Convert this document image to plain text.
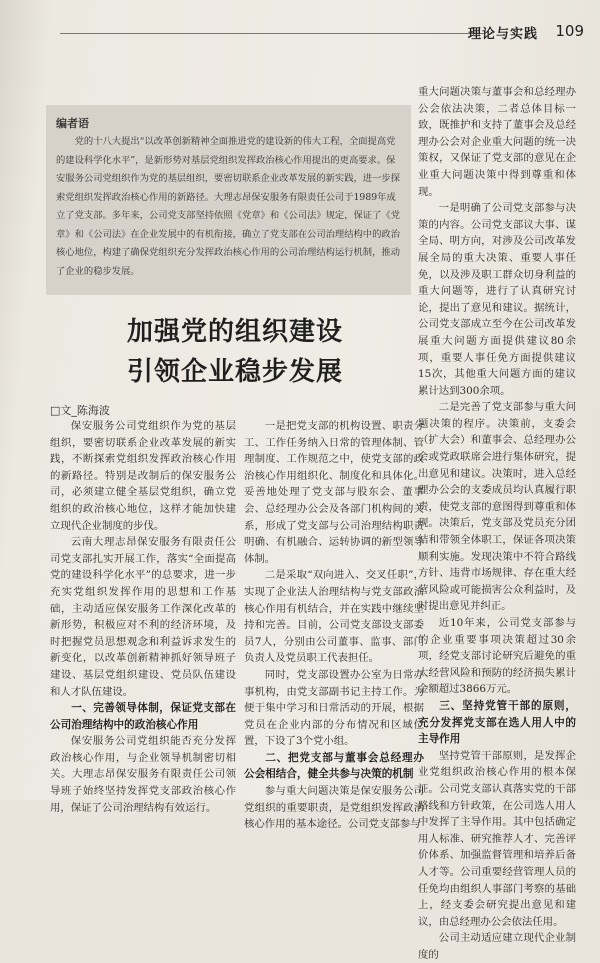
理论与实践 109
编者语

党的十八大提出“以改革创新精神全面推进党的建设新的伟大工程，全面提高党的建设科学化水平”，是新形势对基层党组织发挥政治核心作用提出的更高要求。保安服务公司党组织作为党的基层组织，要密切联系企业改革发展的新实践，进一步探索党组织发挥政治核心作用的新路径。大理志昂保安服务有限责任公司于1989年成立了党支部。多年来，公司党支部坚持依照《党章》和《公司法》规定，保证了《党章》和《公司法》在企业发展中的有机衔接，确立了党支部在公司治理结构中的政治核心地位，构建了确保党组织充分发挥政治核心作用的公司治理结构运行机制，推动了企业的稳步发展。

加强党的组织建设
引领企业稳步发展
□文_陈海波

保安服务公司党组织作为党的基层组织，要密切联系企业改革发展的新实践，不断探索党组织发挥政治核心作用的新路径。特别是改制后的保安服务公司，必须建立健全基层党组织，确立党组织的政治核心地位，这样才能加快建立现代企业制度的步伐。

云南大理志昂保安服务有限责任公司党支部扎实开展工作，落实“全面提高党的建设科学化水平”的总要求，进一步充实党组织发挥作用的思想和工作基础，主动适应保安服务工作深化改革的新形势，积极应对不利的经济环境，及时把握党员思想观念和利益诉求发生的新变化，以改革创新精神抓好领导班子建设、基层党组织建设、党员队伍建设和人才队伍建设。

一、完善领导体制，保证党支部在公司治理结构中的政治核心作用

保安服务公司党组织能否充分发挥政治核心作用，与企业领导机制密切相关。大理志昂保安服务有限责任公司领导班子始终坚持发挥党支部政治核心作用，保证了公司治理结构有效运行。

一是把党支部的机构设置、职责分工、工作任务纳入日常的管理体制、管理制度、工作规范之中，使党支部的政治核心作用组织化、制度化和具体化。妥善地处理了党支部与股东会、董事会、总经理办公会及各部门机构间的关系，形成了党支部与公司治理结构职责明确、有机融合、运转协调的新型领导体制。

二是采取“双向进入、交叉任职”，实现了企业法人治理结构与党支部政治核心作用有机结合，并在实践中继续坚持和完善。目前，公司党支部设支部委员7人，分别由公司董事、监事、部门负责人及党员职工代表担任。

同时，党支部设置办公室为日常办事机构，由党支部副书记主持工作。为便于集中学习和日常活动的开展，根据党员在企业内部的分布情况和区域位置，下设了3个党小组。

二、把党支部与董事会总经理办公会相结合，健全共参与决策的机制

参与重大问题决策是保安服务公司党组织的重要职责，是党组织发挥政治核心作用的基本途径。公司党支部参与

重大问题决策与董事会和总经理办公会依法决策，二者总体目标一致，既推护和支持了董事会及总经理办公会对企业重大问题的统一决策权，又保证了党支部的意见在企业重大问题决策中得到尊重和体现。

一是明确了公司党支部参与决策的内容。公司党支部议大事、谋全局、明方向，对涉及公司改革发展全局的重大决策、重要人事任免，以及涉及职工群众切身利益的重大问题等，进行了认真研究讨论，提出了意见和建议。据统计，公司党支部成立至今在公司改革发展重大问题方面提供建议80余项，重要人事任免方面提供建议15次，其他重大问题方面的建议累计达到300余项。

二是完善了党支部参与重大问题决策的程序。决策前，支委会（扩大会）和董事会、总经理办公会或党政联席会进行集体研究，提出意见和建议。决策时，进入总经理办公会的支委成员均认真履行职责，使党支部的意图得到尊重和体现。决策后，党支部及党员充分团结和带领全体职工，保证各项决策顺利实施。发现决策中不符合路线方针、违背市场规律、存在重大经营风险或可能损害公众利益时，及时提出意见并纠正。

近10年来，公司党支部参与的企业重要事项决策超过30余项，经党支部讨论研究后避免的重大经营风险和预防的经济损失累计金额超过3866万元。

三、坚持党管干部的原则，充分发挥党支部在选人用人中的主导作用

坚持党管干部原则，是发挥企业党组织政治核心作用的根本保证。公司党支部认真落实党的干部路线和方针政策，在公司选人用人中发挥了主导作用。其中包括确定用人标准、研究推荐人才、完善评价体系、加强监督管理和培养后备人才等。公司重要经营管理人员的任免均由组织人事部门考察的基础上，经支委会研究提出意见和建议，由总经理办公会依法任用。

公司主动适应建立现代企业制度的
